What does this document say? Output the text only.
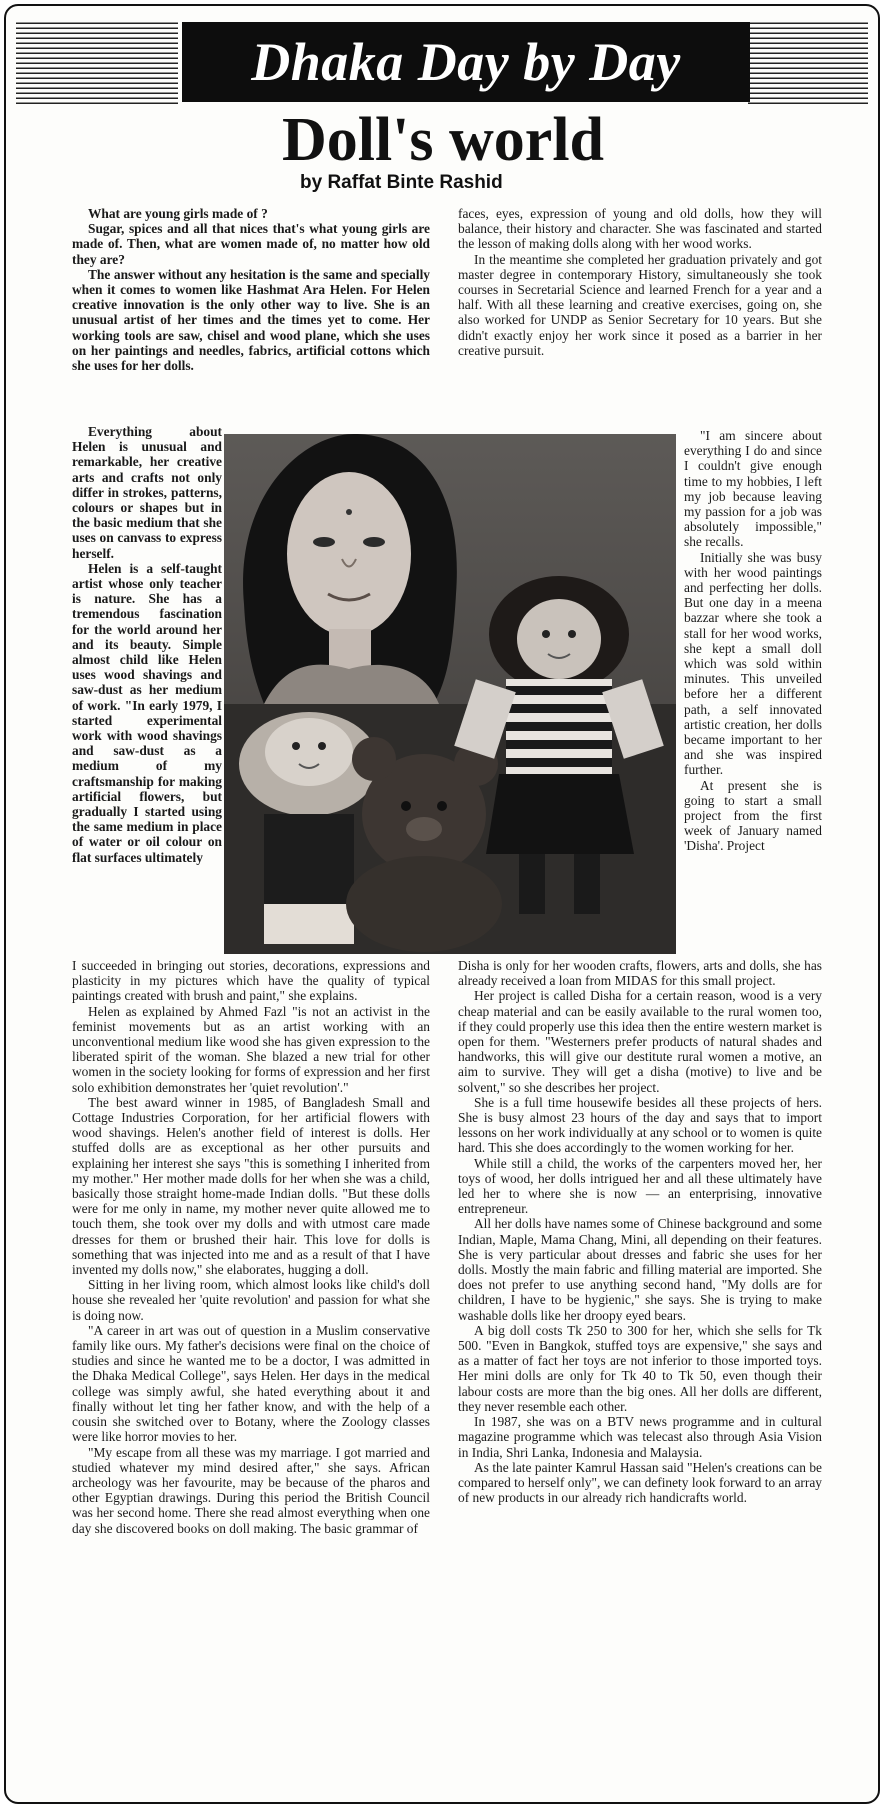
Dhaka Day by Day
Doll's world
by Raffat Binte Rashid

What are young girls made of ?

Sugar, spices and all that nices that's what young girls are made of. Then, what are women made of, no matter how old they are?

The answer without any hesitation is the same and specially when it comes to women like Hashmat Ara Helen. For Helen creative innovation is the only other way to live. She is an unusual artist of her times and the times yet to come. Her working tools are saw, chisel and wood plane, which she uses on her paintings and needles, fabrics, artificial cottons which she uses for her dolls.

Everything about Helen is unusual and remarkable, her creative arts and crafts not only differ in strokes, patterns, colours or shapes but in the basic medium that she uses on canvass to express herself.

Helen is a self-taught artist whose only teacher is nature. She has a tremendous fascination for the world around her and its beauty. Simple almost child like Helen uses wood shavings and saw-dust as her medium of work. "In early 1979, I started experimental work with wood shavings and saw-dust as a medium of my craftsmanship for making artificial flowers, but gradually I started using the same medium in place of water or oil colour on flat surfaces ultimately

I succeeded in bringing out stories, decorations, expressions and plasticity in my pictures which have the quality of typical paintings created with brush and paint," she explains.

Helen as explained by Ahmed Fazl "is not an activist in the feminist movements but as an artist working with an unconventional medium like wood she has given expression to the liberated spirit of the woman. She blazed a new trial for other women in the society looking for forms of expression and her first solo exhibition demonstrates her 'quiet revolution'."

The best award winner in 1985, of Bangladesh Small and Cottage Industries Corporation, for her artificial flowers with wood shavings. Helen's another field of interest is dolls. Her stuffed dolls are as exceptional as her other pursuits and explaining her interest she says "this is something I inherited from my mother." Her mother made dolls for her when she was a child, basically those straight home-made Indian dolls. "But these dolls were for me only in name, my mother never quite allowed me to touch them, she took over my dolls and with utmost care made dresses for them or brushed their hair. This love for dolls is something that was injected into me and as a result of that I have invented my dolls now," she elaborates, hugging a doll.

Sitting in her living room, which almost looks like child's doll house she revealed her 'quite revolution' and passion for what she is doing now.

"A career in art was out of question in a Muslim conservative family like ours. My father's decisions were final on the choice of studies and since he wanted me to be a doctor, I was admitted in the Dhaka Medical College", says Helen. Her days in the medical college was simply awful, she hated everything about it and finally without let ting her father know, and with the help of a cousin she switched over to Botany, where the Zoology classes were like horror movies to her.

"My escape from all these was my marriage. I got married and studied whatever my mind desired after," she says. African archeology was her favourite, may be because of the pharos and other Egyptian drawings. During this period the British Council was her second home. There she read almost everything when one day she discovered books on doll making. The basic grammar of

faces, eyes, expression of young and old dolls, how they will balance, their history and character. She was fascinated and started the lesson of making dolls along with her wood works.

In the meantime she completed her graduation privately and got master degree in contemporary History, simultaneously she took courses in Secretarial Science and learned French for a year and a half. With all these learning and creative exercises, going on, she also worked for UNDP as Senior Secretary for 10 years. But she didn't exactly enjoy her work since it posed as a barrier in her creative pursuit.

"I am sincere about everything I do and since I couldn't give enough time to my hobbies, I left my job because leaving my passion for a job was absolutely impossible," she recalls.

Initially she was busy with her wood paintings and perfecting her dolls. But one day in a meena bazzar where she took a stall for her wood works, she kept a small doll which was sold within minutes. This unveiled before her a different path, a self innovated artistic creation, her dolls became important to her and she was inspired further.

At present she is going to start a small project from the first week of January named 'Disha'. Project

Disha is only for her wooden crafts, flowers, arts and dolls, she has already received a loan from MIDAS for this small project.

Her project is called Disha for a certain reason, wood is a very cheap material and can be easily available to the rural women too, if they could properly use this idea then the entire western market is open for them. "Westerners prefer products of natural shades and handworks, this will give our destitute rural women a motive, an aim to survive. They will get a disha (motive) to live and be solvent," so she describes her project.

She is a full time housewife besides all these projects of hers. She is busy almost 23 hours of the day and says that to import lessons on her work individually at any school or to women is quite hard. This she does accordingly to the women working for her.

While still a child, the works of the carpenters moved her, her toys of wood, her dolls intrigued her and all these ultimately have led her to where she is now — an enterprising, innovative entrepreneur.

All her dolls have names some of Chinese background and some Indian, Maple, Mama Chang, Mini, all depending on their features. She is very particular about dresses and fabric she uses for her dolls. Mostly the main fabric and filling material are imported. She does not prefer to use anything second hand, "My dolls are for children, I have to be hygienic," she says. She is trying to make washable dolls like her droopy eyed bears.

A big doll costs Tk 250 to 300 for her, which she sells for Tk 500. "Even in Bangkok, stuffed toys are expensive," she says and as a matter of fact her toys are not inferior to those imported toys. Her mini dolls are only for Tk 40 to Tk 50, even though their labour costs are more than the big ones. All her dolls are different, they never resemble each other.

In 1987, she was on a BTV news programme and in cultural magazine programme which was telecast also through Asia Vision in India, Shri Lanka, Indonesia and Malaysia.

As the late painter Kamrul Hassan said "Helen's creations can be compared to herself only", we can definety look forward to an array of new products in our already rich handicrafts world.
